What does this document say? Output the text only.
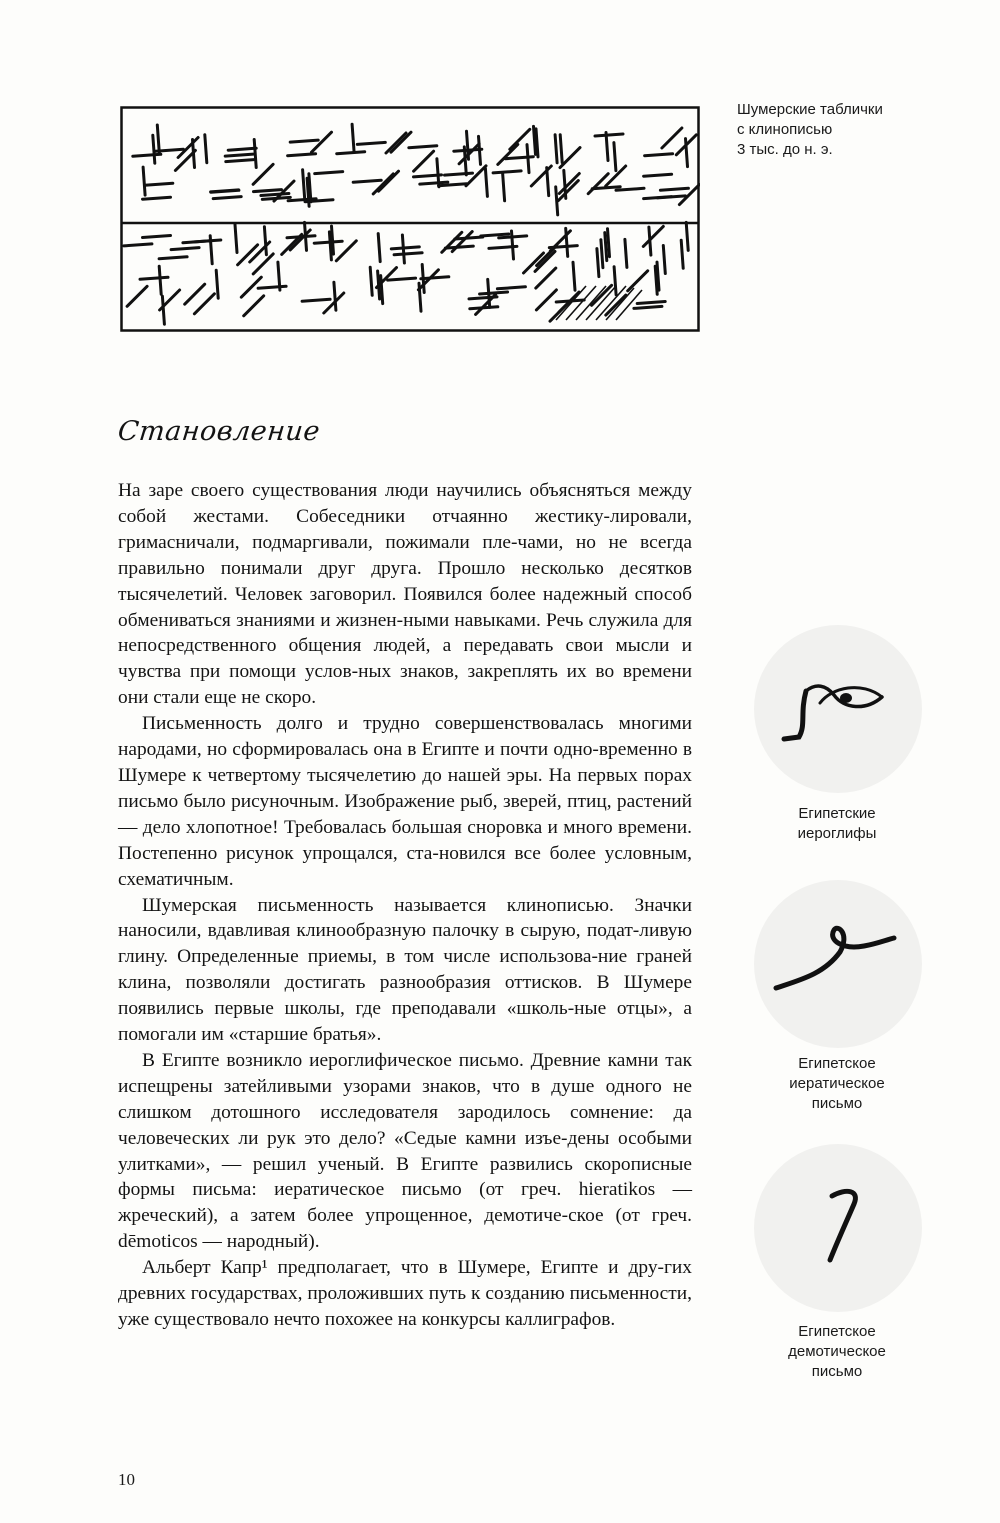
Шумерские таблички
с клинописью
3 тыс. до н. э.
Становление

На заре своего существования люди научились объясняться между собой жестами. Собеседники отчаянно жестику-лировали, гримасничали, подмаргивали, пожимали пле-чами, но не всегда правильно понимали друг друга. Прошло несколько десятков тысячелетий. Человек заговорил. Появился более надежный способ обмениваться знаниями и жизнен-ными навыками. Речь служила для непосредственного общения людей, а передавать свои мысли и чувства при помощи услов-ных знаков, закреплять их во времени они стали еще не скоро.

Письменность долго и трудно совершенствовалась многими народами, но сформировалась она в Египте и почти одно-временно в Шумере к четвертому тысячелетию до нашей эры. На первых порах письмо было рисуночным. Изображение рыб, зверей, птиц, растений — дело хлопотное! Требовалась большая сноровка и много времени. Постепенно рисунок упрощался, ста-новился все более условным, схематичным.

Шумерская письменность называется клинописью. Значки наносили, вдавливая клинообразную палочку в сырую, подат-ливую глину. Определенные приемы, в том числе использова-ние граней клина, позволяли достигать разнообразия оттисков. В Шумере появились первые школы, где преподавали «школь-ные отцы», а помогали им «старшие братья».

В Египте возникло иероглифическое письмо. Древние камни так испещрены затейливыми узорами знаков, что в душе одного не слишком дотошного исследователя зародилось сомнение: да человеческих ли рук это дело? «Седые камни изъе-дены особыми улитками», — решил ученый. В Египте развились скорописные формы письма: иератическое письмо (от греч. hieratikos — жреческий), а затем более упрощенное, демотиче-ское (от греч. dēmoticos — народный).

Альберт Капр¹ предполагает, что в Шумере, Египте и дру-гих древних государствах, проложивших путь к созданию письменности, уже существовало нечто похожее на конкурсы каллиграфов.

Египетские
иероглифы
Египетское
иератическое
письмо
Египетское
демотическое
письмо
10
